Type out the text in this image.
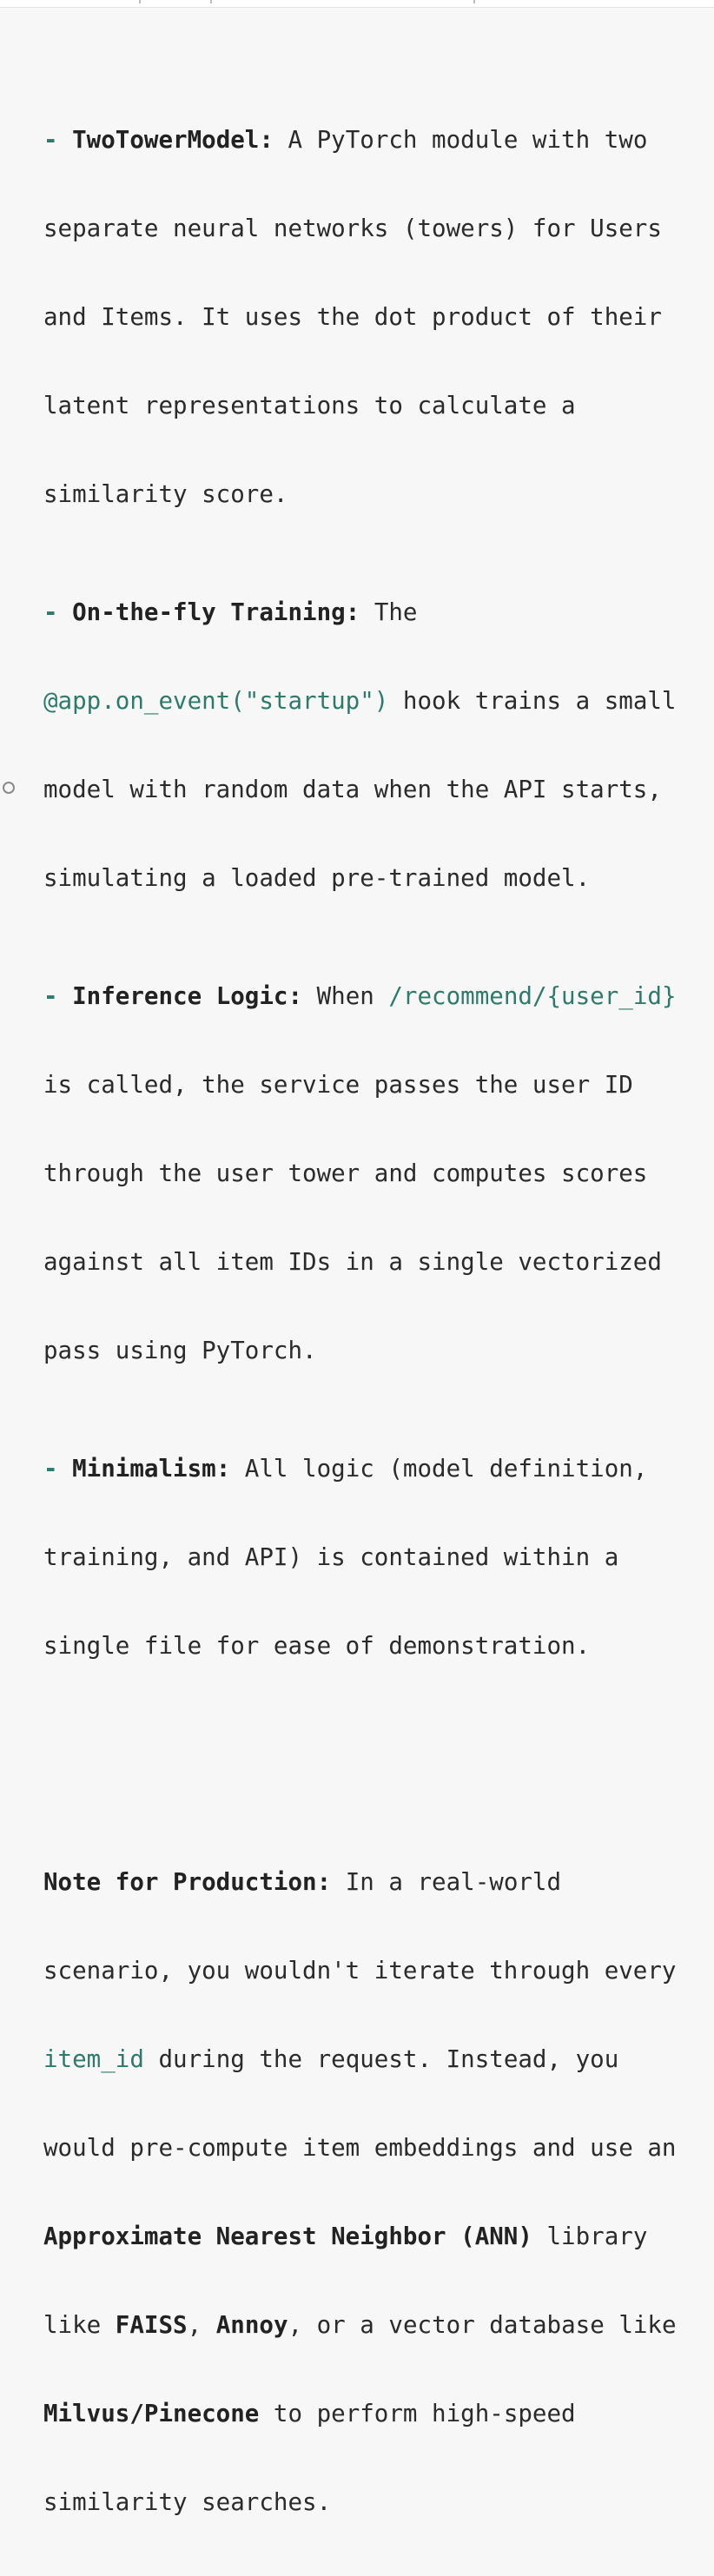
- TwoTowerModel: A PyTorch module with two

separate neural networks (towers) for Users

and Items. It uses the dot product of their

latent representations to calculate a

similarity score.

- On-the-fly Training: The

@app.on_event("startup") hook trains a small

model with random data when the API starts,

simulating a loaded pre-trained model.

- Inference Logic: When /recommend/{user_id}

is called, the service passes the user ID

through the user tower and computes scores

against all item IDs in a single vectorized

pass using PyTorch.

- Minimalism: All logic (model definition,

training, and API) is contained within a

single file for ease of demonstration.

Note for Production: In a real-world

scenario, you wouldn't iterate through every

item_id during the request. Instead, you

would pre-compute item embeddings and use an

Approximate Nearest Neighbor (ANN) library

like FAISS, Annoy, or a vector database like

Milvus/Pinecone to perform high-speed

similarity searches.
